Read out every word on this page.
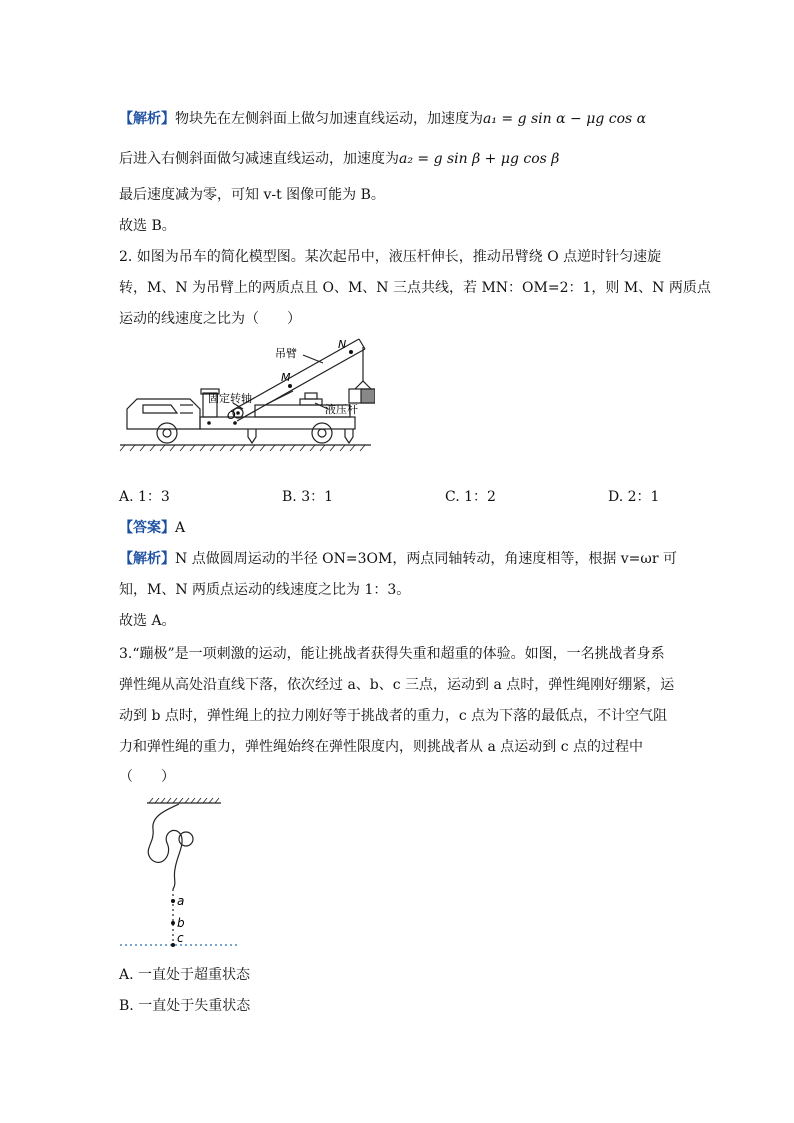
【解析】物块先在左侧斜面上做匀加速直线运动，加速度为a₁ = g sin α − μg cos α
后进入右侧斜面做匀减速直线运动，加速度为a₂ = g sin β + μg cos β
最后速度减为零，可知 v-t 图像可能为 B。
故选 B。
2. 如图为吊车的简化模型图。某次起吊中，液压杆伸长，推动吊臂绕 O 点逆时针匀速旋
转，M、N 为吊臂上的两质点且 O、M、N 三点共线，若 MN：OM=2：1，则 M、N 两质点
运动的线速度之比为（　　）
吊臂
N
M
固定转轴
O	液压杆
A. 1：3	B. 3：1	C. 1：2	D. 2：1
【答案】A
【解析】N 点做圆周运动的半径 ON=3OM，两点同轴转动，角速度相等，根据 v=ωr 可
知，M、N 两质点运动的线速度之比为 1：3。
故选 A。
3.“蹦极”是一项刺激的运动，能让挑战者获得失重和超重的体验。如图，一名挑战者身系
弹性绳从高处沿直线下落，依次经过 a、b、c 三点，运动到 a 点时，弹性绳刚好绷紧，运
动到 b 点时，弹性绳上的拉力刚好等于挑战者的重力，c 点为下落的最低点，不计空气阻
力和弹性绳的重力，弹性绳始终在弹性限度内，则挑战者从 a 点运动到 c 点的过程中
（　　）
a
b
c
A. 一直处于超重状态
B. 一直处于失重状态
